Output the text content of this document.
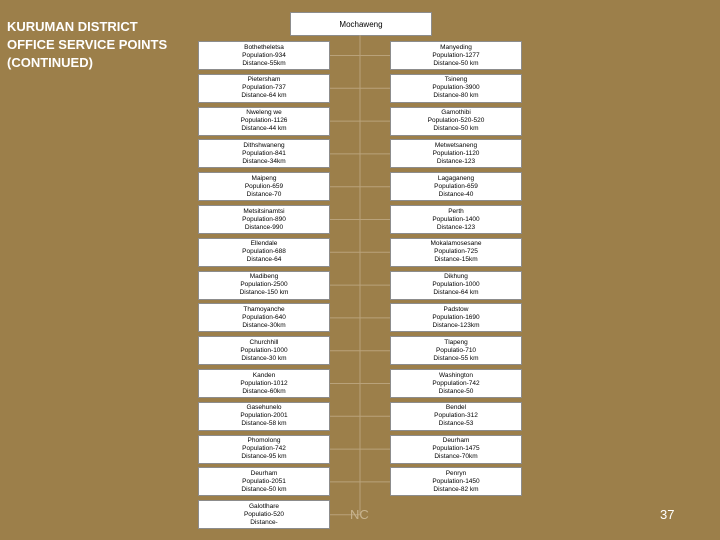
KURUMAN DISTRICT OFFICE SERVICE POINTS (CONTINUED)
Mochaweng
Bothetheletsa
Population-934
Distance-55km
Pietersham
Population-737
Distance-64 km
Nweleng we
Population-1126
Distance-44 km
Dithshwaneng
Population-841
Distance-34km
Maipeng
Populion-659
Distance-70
Metsitsinamtsi
Population-890
Distance-990
Ellendale
Population-688
Distance-64
Madibeng
Population-2500
Distance-150 km
Thamoyanche
Population-640
Distance-30km
Churchhill
Population-1000
Distance-30 km
Kanden
Population-1012
Distance-60km
Gasehunelo
Population-2001
Distance-58 km
Phomolong
Population-742
Distance-95 km
Deurham
Populatio-2051
Distance-50 km
Galotlhare
Populatio-520
Distance-
Manyeding
Population-1277
Distance-50 km
Tsineng
Population-3900
Distance-80 km
Gamothibi
Population-520-520
Distance-50 km
Metwetsaneng
Population-1120
Distance-123
Lagaganeng
Population-659
Distance-40
Perth
Population-1400
Distance-123
Mokalamosesane
Population-725
Distance-15km
Dikhung
Population-1000
Distance-64 km
Padstow
Population-1690
Distance-123km
Tlapeng
Populatio-710
Distance-55 km
Washington
Poppulation-742
Distance-50
Bendel
Population-312
Distance-53
Deurham
Population-1475
Distance-70km
Penryn
Population-1450
Distance-82 km
NC	37
